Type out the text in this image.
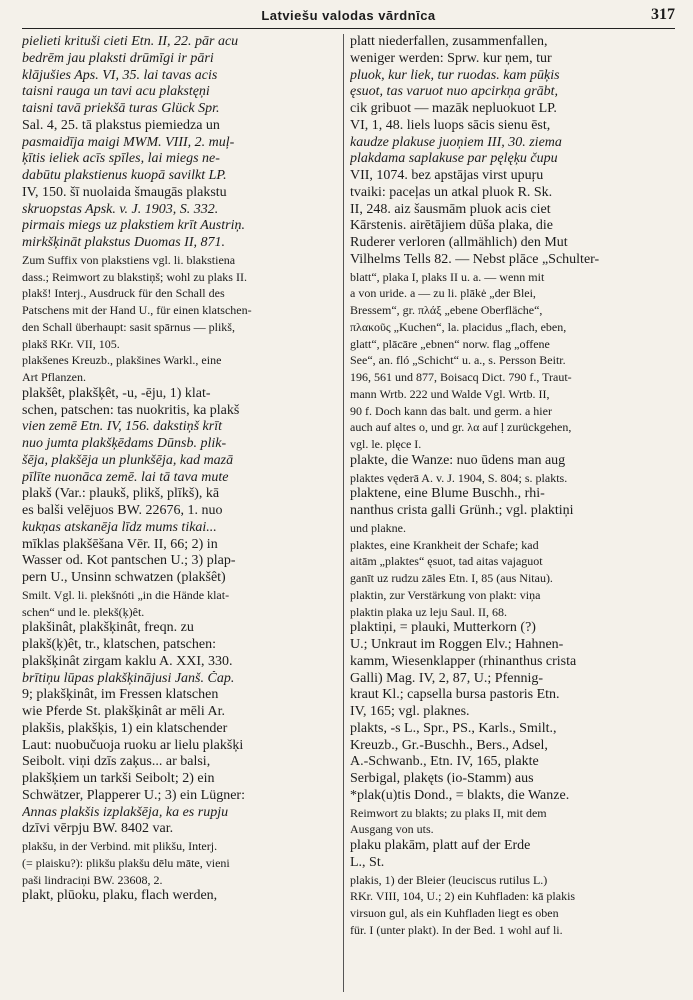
Latviešu valodas vārdnīca	317
pielieti krituši cieti Etn. II, 22. pār acu
bedrēm jau plaksti drūmīgi ir pāri
klājušies Aps. VI, 35. lai tavas acis
taisni rauga un tavi acu plakstęņi
taisni tavā priekšā turas Glück Spr.
Sal. 4, 25. tā plakstus piemiedza un
pasmaidīja maigi MWM. VIII, 2. muļ-
ķītis ieliek acīs spīles, lai miegs ne-
dabūtu plakstienus kuopā savilkt LP.
IV, 150. šī nuolaida šmaugās plakstu
skruopstas Apsk. v. J. 1903, S. 332.
pirmais miegs uz plakstiem krīt Austriņ.
mirkšķināt plakstus Duomas II, 871.
Zum Suffix von plakstiens vgl. li. blakstiena
dass.; Reimwort zu blakstiņš; wohl zu plaks II.
plakš! Interj., Ausdruck für den Schall des
Patschens mit der Hand U., für einen klatschen-
den Schall überhaupt: sasit spārnus — plikš,
plakš RKr. VII, 105.
plakšenes Kreuzb., plakšines Warkl., eine
Art Pflanzen.
plakšêt, plakšķêt, -u, -ēju, 1) klat-
schen, patschen: tas nuokritis, ka plakš
vien zemē Etn. IV, 156. dakstiņš krīt
nuo jumta plakšķēdams Dūnsb. plik-
šēja, plakšēja un plunkšēja, kad mazā
pīlīte nuonāca zemē. lai tā tava mute
plakš (Var.: plaukš, plikš, plīkš), kā
es balši velējuos BW. 22676, 1. nuo
kukņas atskanēja līdz mums tikai...
mīklas plakšēšana Vēr. II, 66; 2) in
Wasser od. Kot pantschen U.; 3) plap-
pern U., Unsinn schwatzen (plakšêt)
Smilt. Vgl. li. plekšnóti „in die Hände klat-
schen“ und le. plekš(ķ)êt.
plakšinât, plakšķinât, freqn. zu
plakš(ķ)êt, tr., klatschen, patschen:
plakšķinât zirgam kaklu A. XXI, 330.
brītiņu lūpas plakšķinājusi Janš. Čap.
9; plakšķinât, im Fressen klatschen
wie Pferde St. plakšķinât ar mēli Ar.
plakšis, plakšķis, 1) ein klatschender
Laut: nuobučuoja ruoku ar lielu plakšķi
Seibolt. viņi dzīs zaķus... ar balsi,
plakšķiem un tarkši Seibolt; 2) ein
Schwätzer, Plapperer U.; 3) ein Lügner:
Annas plakšis izplakšēja, ka es rupju
dzīvi vērpju BW. 8402 var.
plakšu, in der Verbind. mit plikšu, Interj.
(= plaisku?): plikšu plakšu dēlu māte, vieni
paši lindraciņi BW. 23608, 2.
plakt, plūoku, plaku, flach werden,
platt niederfallen, zusammenfallen,
weniger werden: Sprw. kur ņem, tur
pluok, kur liek, tur ruodas. kam pūķis
ęsuot, tas varuot nuo apcirkņa grābt,
cik gribuot — mazāk nepluokuot LP.
VI, 1, 48. liels luops sācis sienu ēst,
kaudze plakuse juoņiem III, 30. ziema
plakdama saplakuse par pęlęķu čupu
VII, 1074. bez apstājas virst upuŗu
tvaiki: paceļas un atkal pluok R. Sk.
II, 248. aiz šausmām pluok acis ciet
Kārstenis. airētājiem dūša plaka, die
Ruderer verloren (allmählich) den Mut
Vilhelms Tells 82. — Nebst plāce „Schulter-
blatt“, plaka I, plaks II u. a. — wenn mit
a von uride. a — zu li. plākė „der Blei,
Bressem“, gr. πλάξ „ebene Oberfläche“,
πλακοῦς „Kuchen“, la. placidus „flach, eben,
glatt“, plācāre „ebnen“ norw. flag „offene
See“, an. fló „Schicht“ u. a., s. Persson Beitr.
196, 561 und 877, Boisacq Dict. 790 f., Traut-
mann Wrtb. 222 und Walde Vgl. Wrtb. II,
90 f. Doch kann das balt. und germ. a hier
auch auf altes o, und gr. λα auf ḷ zurückgehen,
vgl. le. plęce I.
plakte, die Wanze: nuo ūdens man aug
plaktes vęderā A. v. J. 1904, S. 804; s. plakts.
plaktene, eine Blume Buschh., rhi-
nanthus crista galli Grünh.; vgl. plaktiņi
und plakne.
plaktes, eine Krankheit der Schafe; kad
aitām „plaktes“ ęsuot, tad aitas vajaguot
ganīt uz rudzu zāles Etn. I, 85 (aus Nitau).
plaktin, zur Verstärkung von plakt: viņa
plaktin plaka uz leju Saul. II, 68.
plaktiņi, = plauki, Mutterkorn (?)
U.; Unkraut im Roggen Elv.; Hahnen-
kamm, Wiesenklapper (rhinanthus crista
Galli) Mag. IV, 2, 87, U.; Pfennig-
kraut Kl.; capsella bursa pastoris Etn.
IV, 165; vgl. plaknes.
plakts, -s L., Spr., PS., Karls., Smilt.,
Kreuzb., Gr.-Buschh., Bers., Adsel,
A.-Schwanb., Etn. IV, 165, plakte
Serbigal, plakęts (io-Stamm) aus
*plak(u)tis Dond., = blakts, die Wanze.
Reimwort zu blakts; zu plaks II, mit dem
Ausgang von uts.
plaku plakām, platt auf der Erde
L., St.
plakis, 1) der Bleier (leuciscus rutilus L.)
RKr. VIII, 104, U.; 2) ein Kuhfladen: kā plakis
virsuon gul, als ein Kuhfladen liegt es oben
für. I (unter plakt). In der Bed. 1 wohl auf li.
